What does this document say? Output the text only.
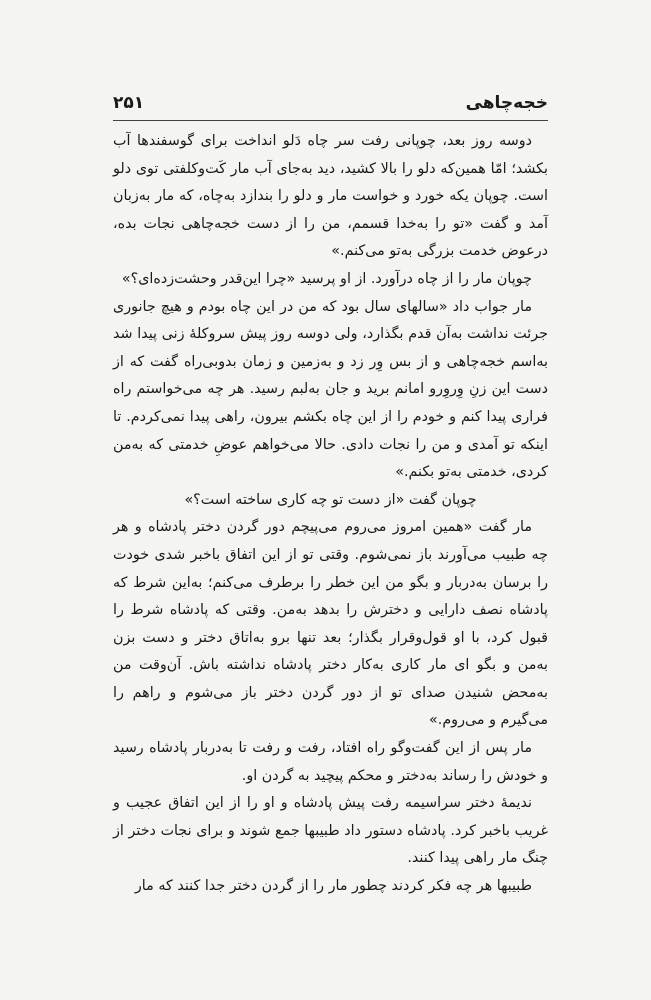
خجه‌چاهی
۲۵۱

دوسه روز بعد، چوپانی رفت سر چاه دَلو انداخت برای گوسفندها آب بکشد؛ امّا همین‌که دلو را بالا کشید، دید به‌جای آب مار کَت‌وکلفتی توی دلو است. چوپان یکه خورد و خواست مار و دلو را بندازد به‌چاه، که مار به‌زبان آمد و گفت «تو را به‌خدا قسمم، من را از دست خجه‌چاهی نجات بده، درعوض خدمت بزرگی به‌تو می‌کنم.»

چوپان مار را از چاه درآورد. از او پرسید «چرا این‌قدر وحشت‌زده‌ای؟»

مار جواب داد «سالهای سال بود که من در این چاه بودم و هیچ جانوری جرئت نداشت به‌آن قدم بگذارد، ولی دوسه روز پیش سروکلهٔ زنی پیدا شد به‌اسم خجه‌چاهی و از بس وِر زد و به‌زمین و زمان بدوبی‌راه گفت که از دست این زنِ وِروِرو امانم برید و جان به‌لبم رسید. هر چه می‌خواستم راه فراری پیدا کنم و خودم را از این چاه بکشم بیرون، راهی پیدا نمی‌کردم. تا اینکه تو آمدی و من را نجات دادی. حالا می‌خواهم عوضِ خدمتی که به‌من کردی، خدمتی به‌تو بکنم.»

چوپان گفت «از دست تو چه کاری ساخته است؟»

مار گفت «همین امروز می‌روم می‌پیچم دور گردن دختر پادشاه و هر چه طبیب می‌آورند باز نمی‌شوم. وقتی تو از این اتفاق باخبر شدی خودت را برسان به‌دربار و بگو من این خطر را برطرف می‌کنم؛ به‌این شرط که پادشاه نصف دارایی و دخترش را بدهد به‌من. وقتی که پادشاه شرط را قبول کرد، با او قول‌وقرار بگذار؛ بعد تنها برو به‌اتاق دختر و دست بزن به‌من و بگو ای مار کاری به‌کار دختر پادشاه نداشته باش. آن‌وقت من به‌محض شنیدن صدای تو از دور گردن دختر باز می‌شوم و راهم را می‌گیرم و می‌روم.»

مار پس از این گفت‌وگو راه افتاد، رفت و رفت تا به‌دربار پادشاه رسید و خودش را رساند به‌دختر و محکم پیچید به گردن او.

ندیمهٔ دختر سراسیمه رفت پیش پادشاه و او را از این اتفاق عجیب و غریب باخبر کرد. پادشاه دستور داد طبیبها جمع شوند و برای نجات دختر از چنگ مار راهی پیدا کنند.

طبیبها هر چه فکر کردند چطور مار را از گردن دختر جدا کنند که مار
